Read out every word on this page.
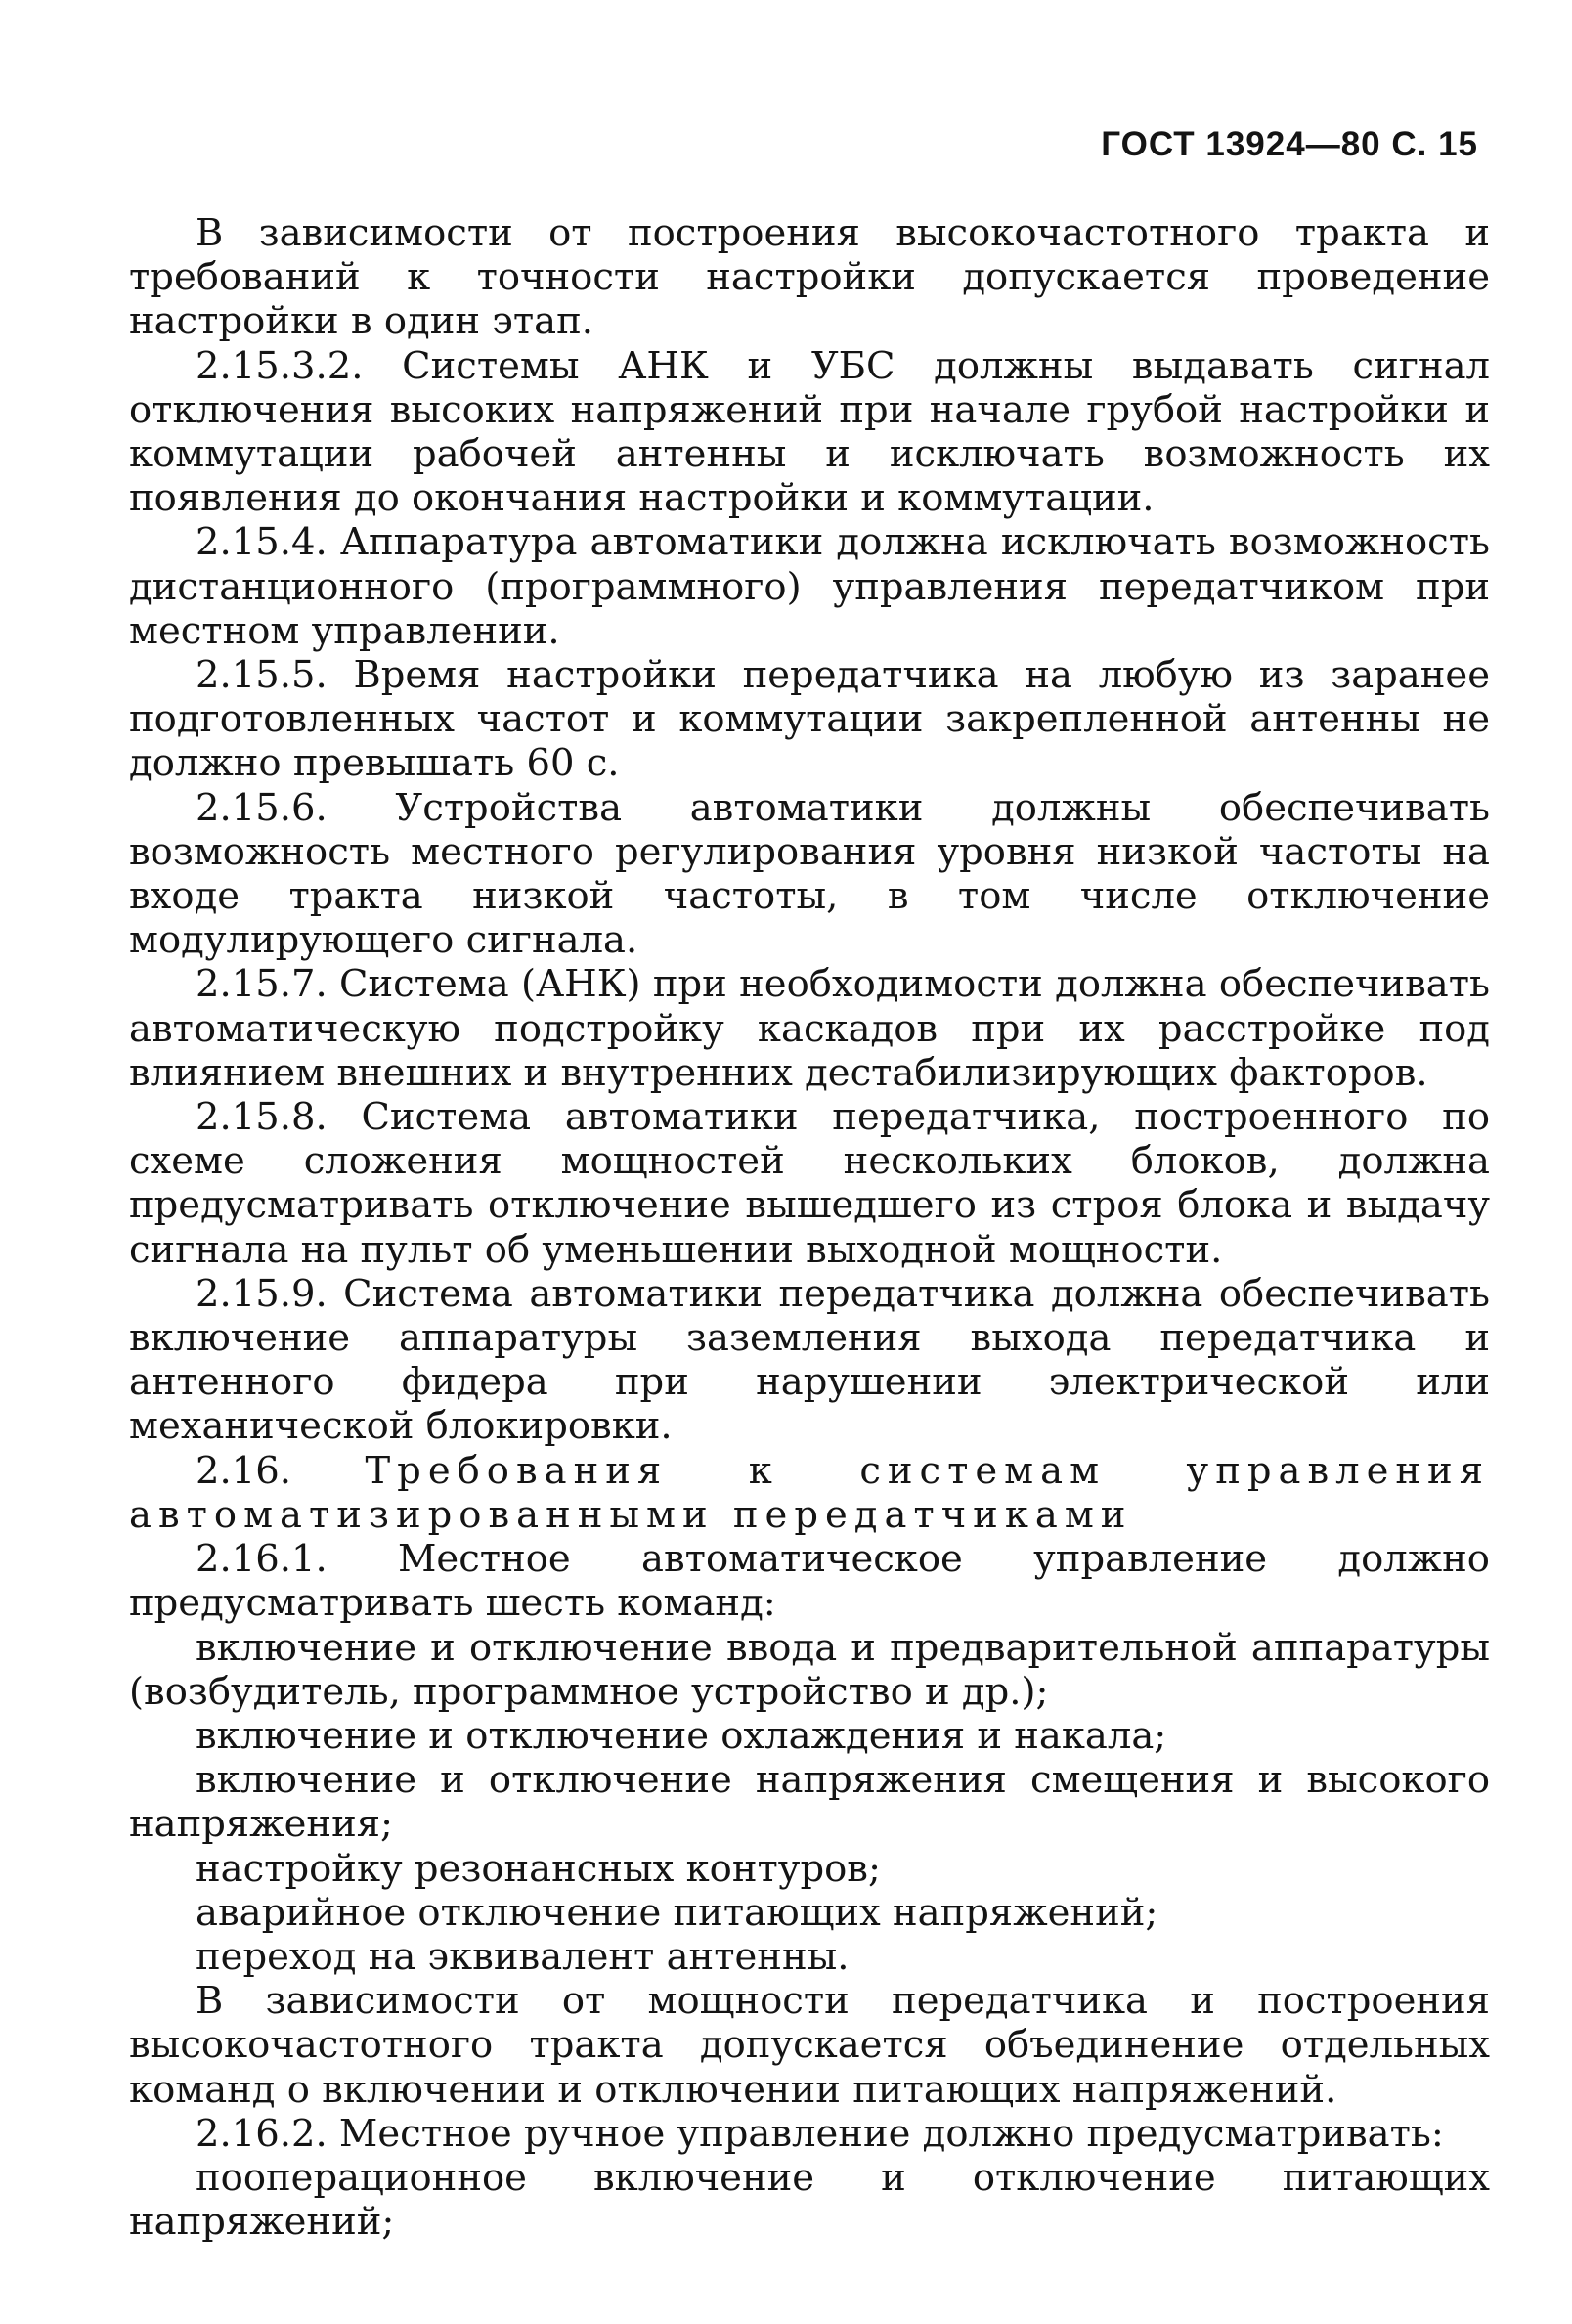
ГОСТ 13924—80 С. 15

В зависимости от построения высокочастотного тракта и требований к точности настройки допускается проведение настройки в один этап.

2.15.3.2. Системы АНК и УБС должны выдавать сигнал отключения высоких напряжений при начале грубой настройки и коммутации рабочей антенны и исключать возможность их появления до окончания настройки и коммутации.

2.15.4. Аппаратура автоматики должна исключать возможность дистанционного (программного) управления передатчиком при местном управлении.

2.15.5. Время настройки передатчика на любую из заранее подготовленных частот и коммутации закрепленной антенны не должно превышать 60 с.

2.15.6. Устройства автоматики должны обеспечивать возможность местного регулирования уровня низкой частоты на входе тракта низкой частоты, в том числе отключение модулирующего сигнала.

2.15.7. Система (АНК) при необходимости должна обеспечивать автоматическую подстройку каскадов при их расстройке под влиянием внешних и внутренних дестабилизирующих факторов.

2.15.8. Система автоматики передатчика, построенного по схеме сложения мощностей нескольких блоков, должна предусматривать отключение вышедшего из строя блока и выдачу сигнала на пульт об уменьшении выходной мощности.

2.15.9. Система автоматики передатчика должна обеспечивать включение аппаратуры заземления выхода передатчика и антенного фидера при нарушении электрической или механической блокировки.

2.16. Требования к системам управления автоматизированными передатчиками

2.16.1. Местное автоматическое управление должно предусматривать шесть команд:

включение и отключение ввода и предварительной аппаратуры (возбудитель, программное устройство и др.);

включение и отключение охлаждения и накала;

включение и отключение напряжения смещения и высокого напряжения;

настройку резонансных контуров;

аварийное отключение питающих напряжений;

переход на эквивалент антенны.

В зависимости от мощности передатчика и построения высокочастотного тракта допускается объединение отдельных команд о включении и отключении питающих напряжений.

2.16.2. Местное ручное управление должно предусматривать:

пооперационное включение и отключение питающих напряжений;
